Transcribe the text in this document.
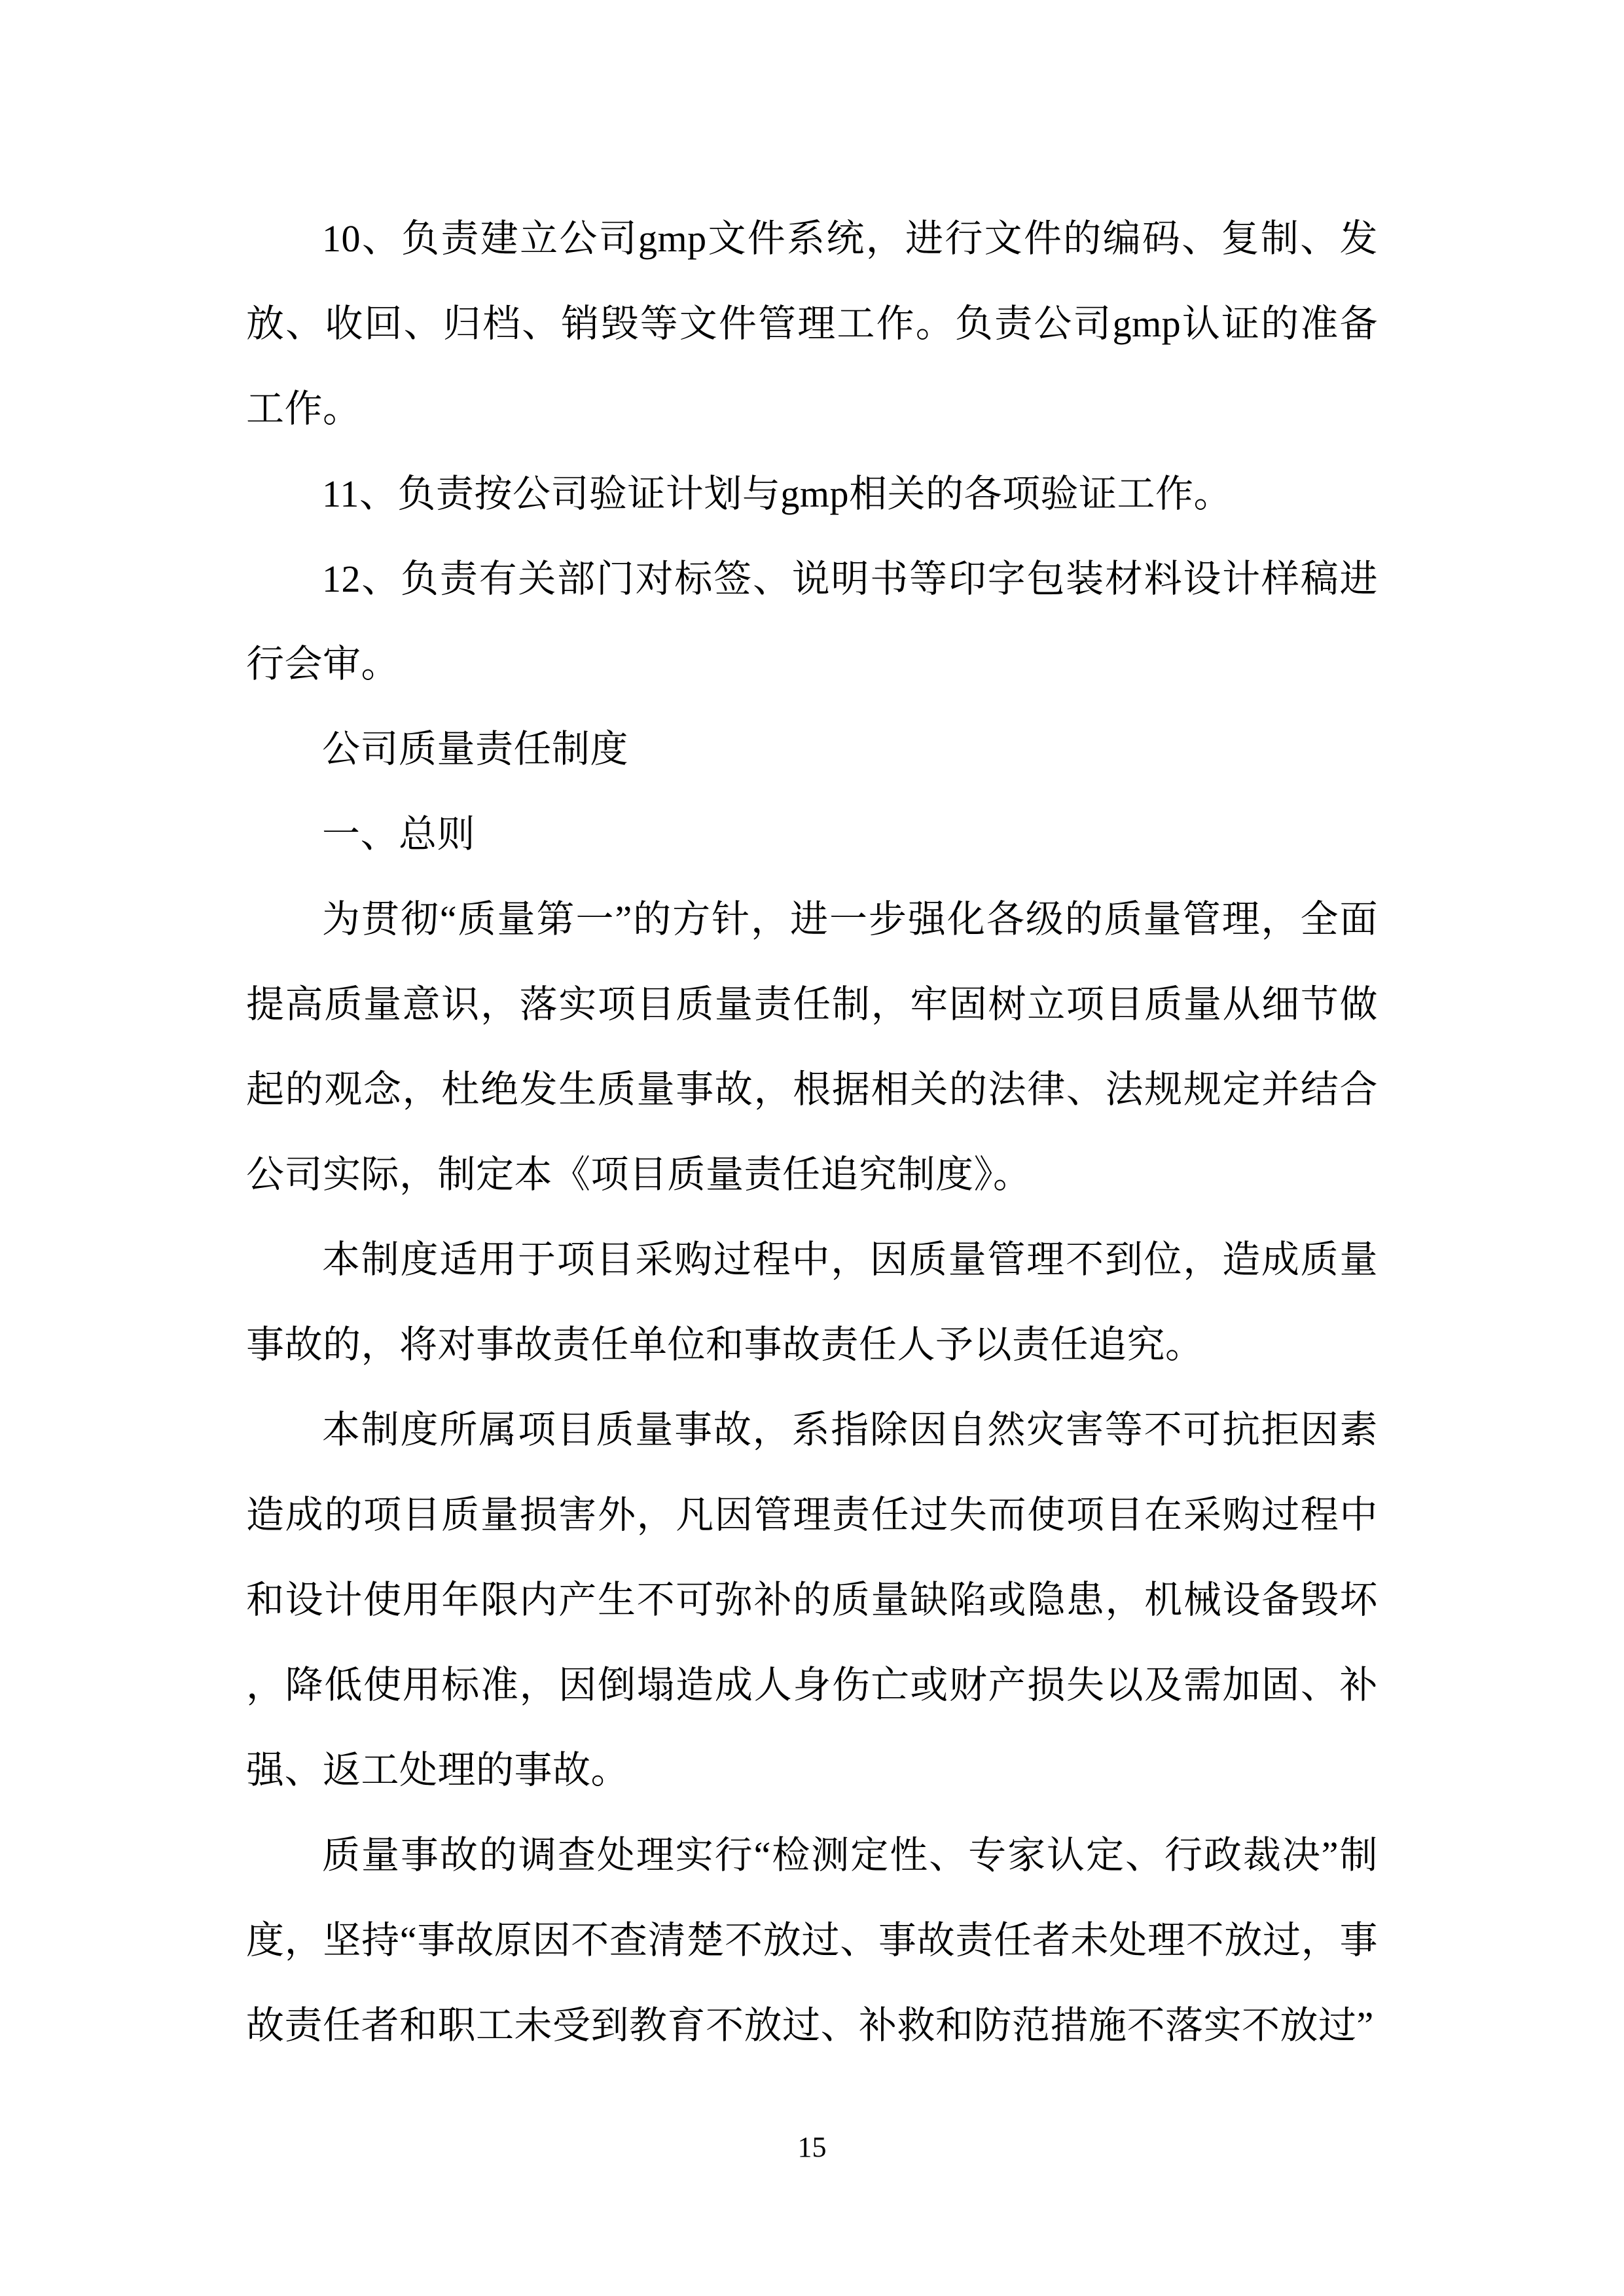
10、负责建立公司gmp文件系统，进行文件的编码、复制、发放、收回、归档、销毁等文件管理工作。负责公司gmp认证的准备工作。

11、负责按公司验证计划与gmp相关的各项验证工作。

12、负责有关部门对标签、说明书等印字包装材料设计样稿进行会审。

公司质量责任制度

一、总则

为贯彻“质量第一”的方针，进一步强化各级的质量管理，全面提高质量意识，落实项目质量责任制，牢固树立项目质量从细节做起的观念，杜绝发生质量事故，根据相关的法律、法规规定并结合公司实际，制定本《项目质量责任追究制度》。

本制度适用于项目采购过程中，因质量管理不到位，造成质量事故的，将对事故责任单位和事故责任人予以责任追究。

本制度所属项目质量事故，系指除因自然灾害等不可抗拒因素造成的项目质量损害外，凡因管理责任过失而使项目在采购过程中和设计使用年限内产生不可弥补的质量缺陷或隐患，机械设备毁坏，降低使用标准，因倒塌造成人身伤亡或财产损失以及需加固、补强、返工处理的事故。

质量事故的调查处理实行“检测定性、专家认定、行政裁决”制度，坚持“事故原因不查清楚不放过、事故责任者未处理不放过，事故责任者和职工未受到教育不放过、补救和防范措施不落实不放过”

15
